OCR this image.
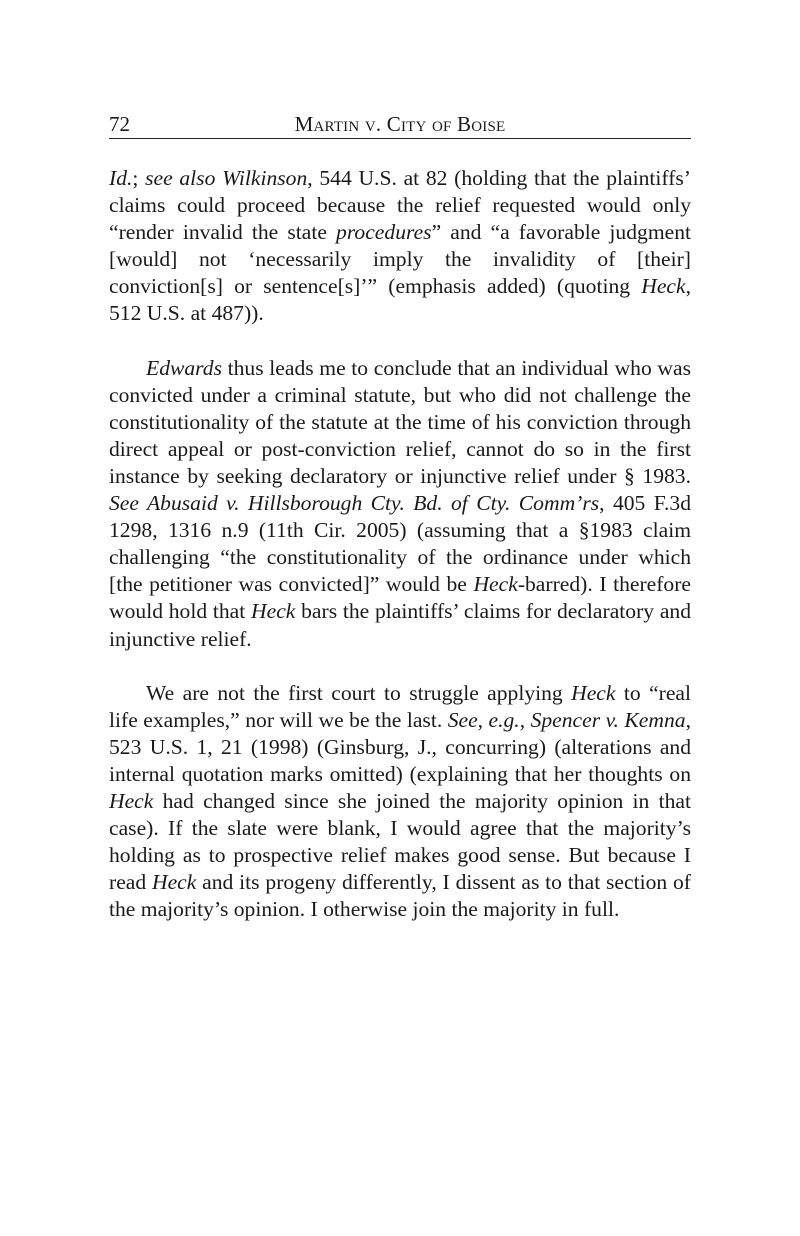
72	Martin v. City of Boise

Id.; see also Wilkinson, 544 U.S. at 82 (holding that the plaintiffs’ claims could proceed because the relief requested would only “render invalid the state procedures” and “a favorable judgment [would] not ‘necessarily imply the invalidity of [their] conviction[s] or sentence[s]’” (emphasis added) (quoting Heck, 512 U.S. at 487)).

Edwards thus leads me to conclude that an individual who was convicted under a criminal statute, but who did not challenge the constitutionality of the statute at the time of his conviction through direct appeal or post-conviction relief, cannot do so in the first instance by seeking declaratory or injunctive relief under § 1983. See Abusaid v. Hillsborough Cty. Bd. of Cty. Comm’rs, 405 F.3d 1298, 1316 n.9 (11th Cir. 2005) (assuming that a §1983 claim challenging “the constitutionality of the ordinance under which [the petitioner was convicted]” would be Heck-barred). I therefore would hold that Heck bars the plaintiffs’ claims for declaratory and injunctive relief.

We are not the first court to struggle applying Heck to “real life examples,” nor will we be the last. See, e.g., Spencer v. Kemna, 523 U.S. 1, 21 (1998) (Ginsburg, J., concurring) (alterations and internal quotation marks omitted) (explaining that her thoughts on Heck had changed since she joined the majority opinion in that case). If the slate were blank, I would agree that the majority’s holding as to prospective relief makes good sense. But because I read Heck and its progeny differently, I dissent as to that section of the majority’s opinion. I otherwise join the majority in full.
